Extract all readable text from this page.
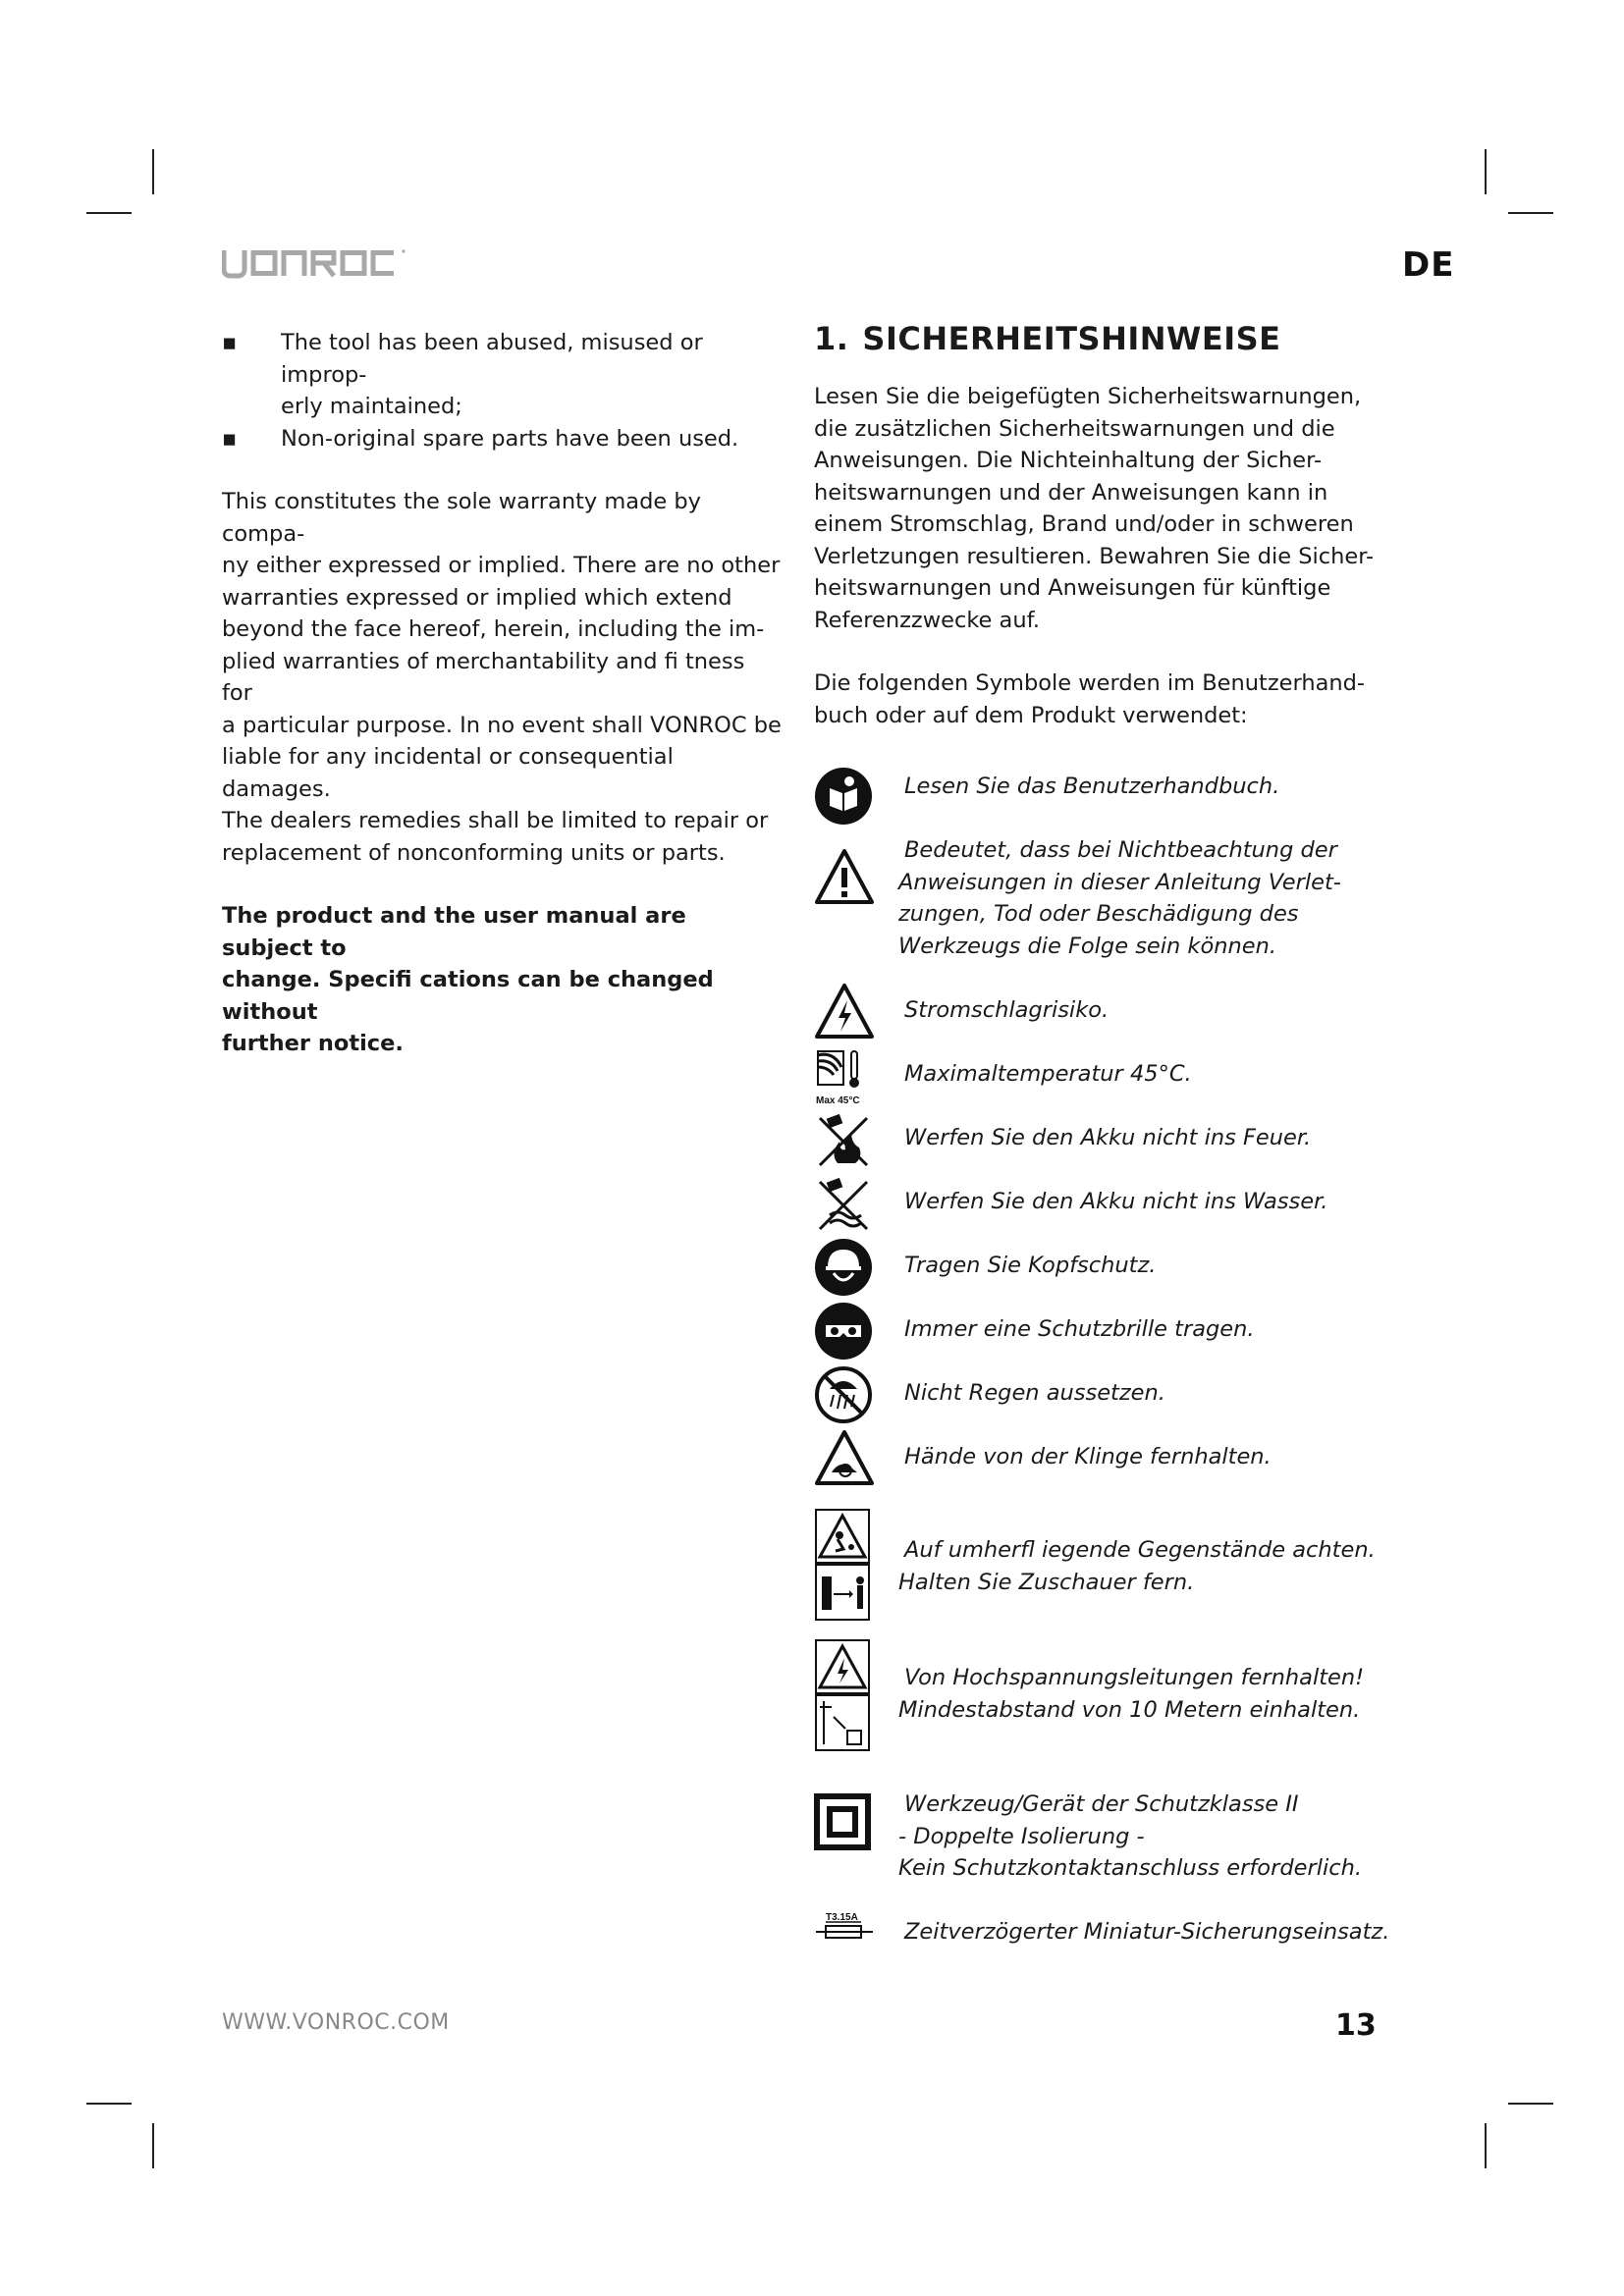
VONROC	DE

▪ The tool has been abused, misused or improp-
erly maintained;

▪ Non-original spare parts have been used.

This constitutes the sole warranty made by compa-
ny either expressed or implied. There are no other
warranties expressed or implied which extend
beyond the face hereof, herein, including the im-
plied warranties of merchantability and fi tness for
a particular purpose. In no event shall VONROC be
liable for any incidental or consequential damages.
The dealers remedies shall be limited to repair or
replacement of nonconforming units or parts.

The product and the user manual are subject to
change. Specifi cations can be changed without
further notice.

1. SICHERHEITSHINWEISE

Lesen Sie die beigefügten Sicherheitswarnungen,
die zusätzlichen Sicherheitswarnungen und die
Anweisungen. Die Nichteinhaltung der Sicher-
heitswarnungen und der Anweisungen kann in
einem Stromschlag, Brand und/oder in schweren
Verletzungen resultieren. Bewahren Sie die Sicher-
heitswarnungen und Anweisungen für künftige
Referenzzwecke auf.

Die folgenden Symbole werden im Benutzerhand-
buch oder auf dem Produkt verwendet:

Lesen Sie das Benutzerhandbuch.
Bedeutet, dass bei Nichtbeachtung der
Anweisungen in dieser Anleitung Verlet-
zungen, Tod oder Beschädigung des
Werkzeugs die Folge sein können.
Stromschlagrisiko.
Max 45°C
Maximaltemperatur 45°C.
Werfen Sie den Akku nicht ins Feuer.
Werfen Sie den Akku nicht ins Wasser.
Tragen Sie Kopfschutz.
Immer eine Schutzbrille tragen.
Nicht Regen aussetzen.
Hände von der Klinge fernhalten.
Auf umherfl iegende Gegenstände achten.
Halten Sie Zuschauer fern.
Von Hochspannungsleitungen fernhalten!
Mindestabstand von 10 Metern einhalten.
Werkzeug/Gerät der Schutzklasse II
- Doppelte Isolierung -
Kein Schutzkontaktanschluss erforderlich.
T3.15A
Zeitverzögerter Miniatur-Sicherungseinsatz.
WWW.VONROC.COM	13
